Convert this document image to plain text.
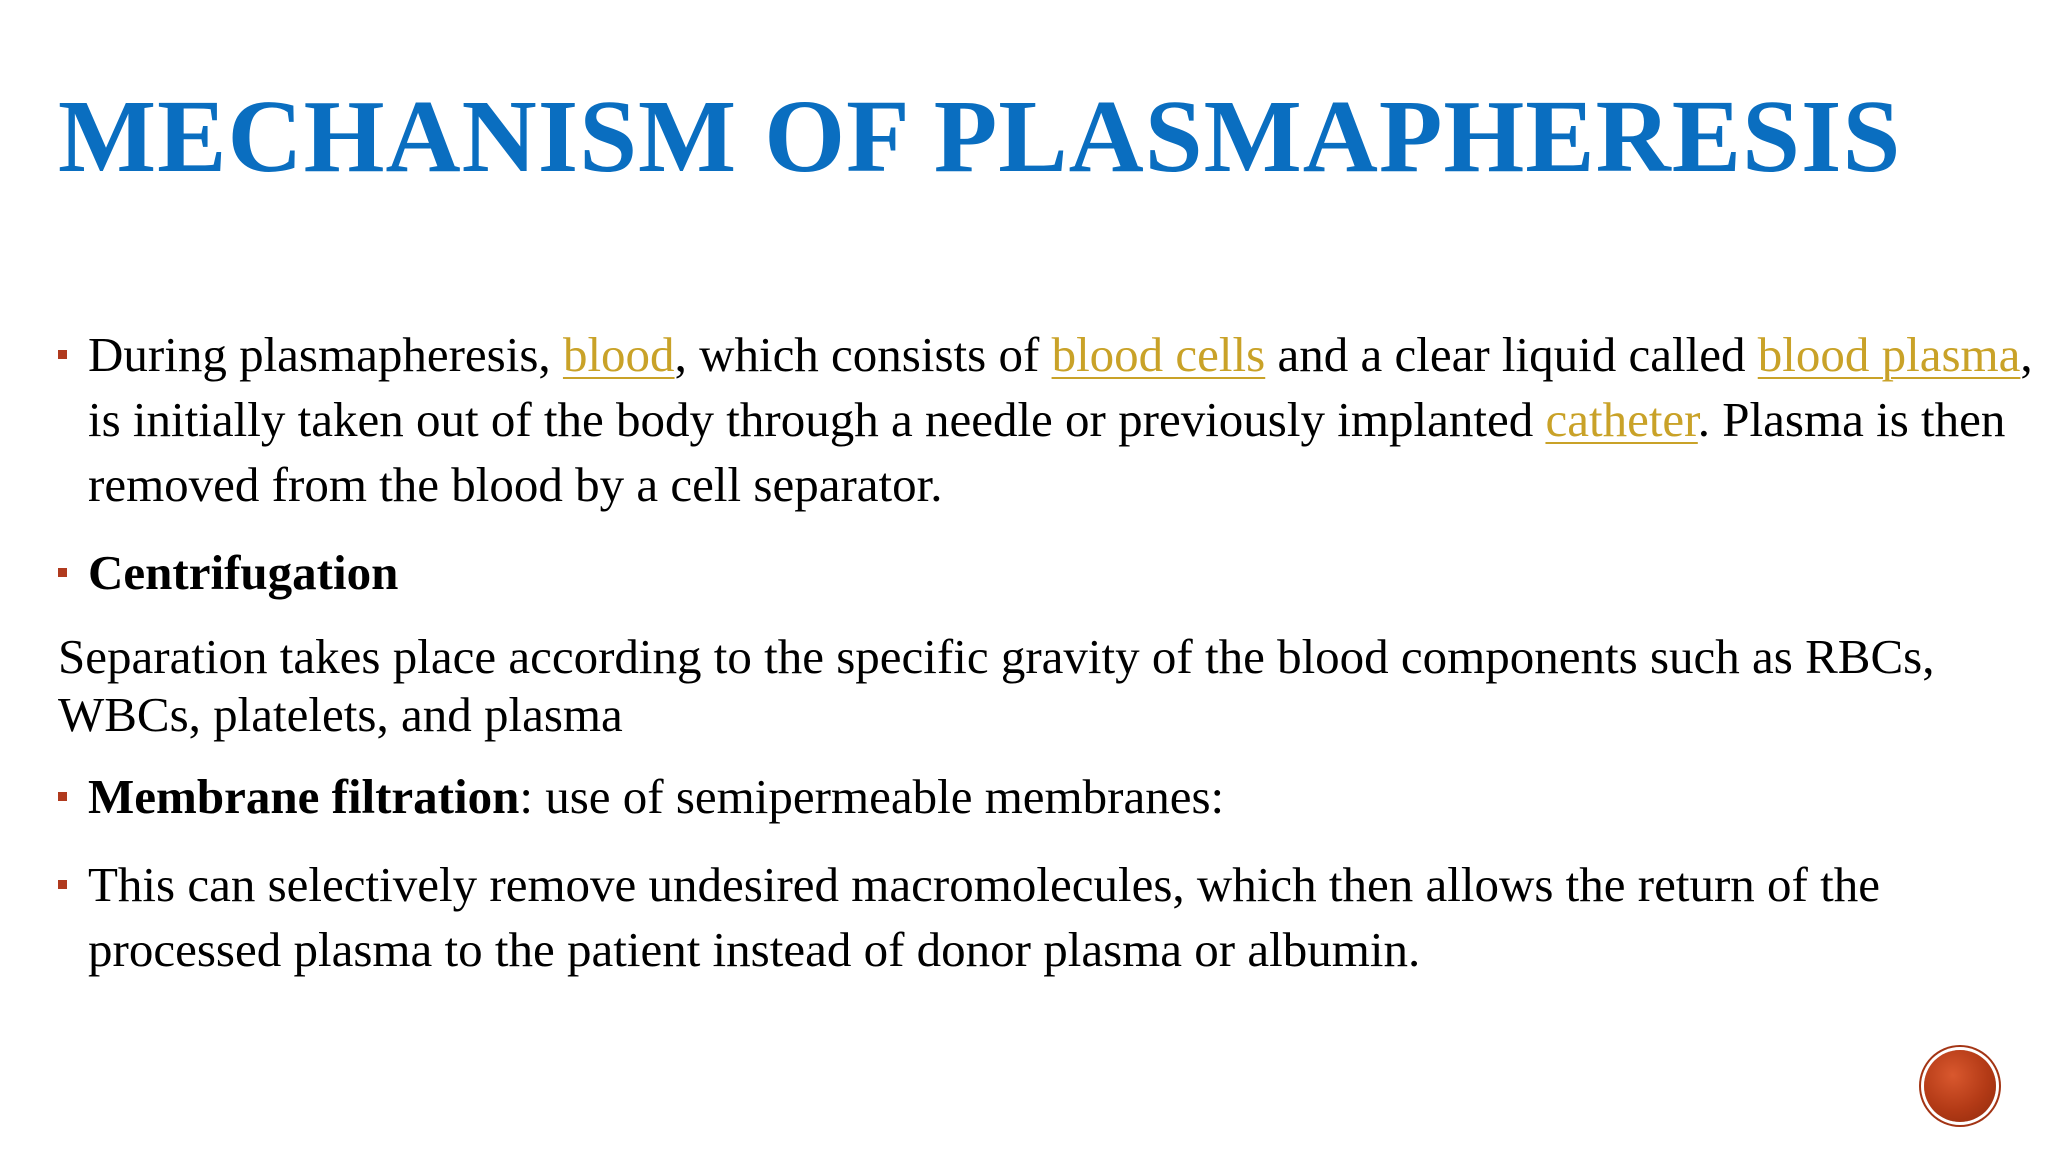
MECHANISM OF PLASMAPHERESIS
During plasmapheresis, blood, which consists of blood cells and a clear liquid called blood plasma, is initially taken out of the body through a needle or previously implanted catheter. Plasma is then removed from the blood by a cell separator.
Centrifugation
Separation takes place according to the specific gravity of the blood components such as RBCs, WBCs, platelets, and plasma
Membrane filtration: use of semipermeable membranes:
This can selectively remove undesired macromolecules, which then allows the return of the processed plasma to the patient instead of donor plasma or albumin.
